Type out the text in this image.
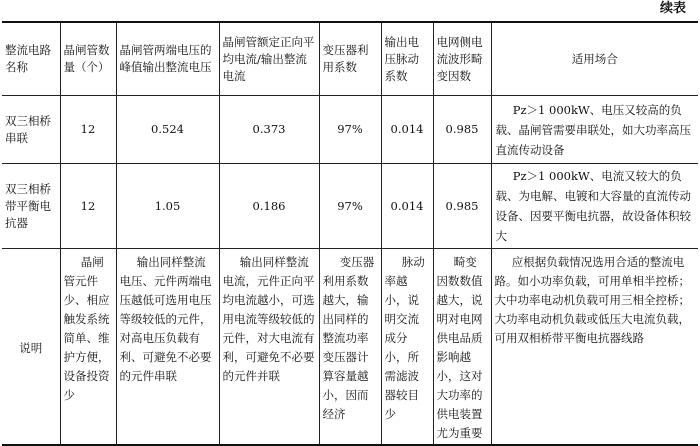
续表
整流电路名称	晶闸管数量（个）	晶闸管两端电压的峰值输出整流电压	晶闸管额定正向平均电流/输出整流电流	变压器利用系数	输出电压脉动系数	电网侧电流波形畸变因数	适用场合
双三相桥串联	12	0.524	0.373	97%	0.014	0.985	Pz＞1 000kW、电压又较高的负载、晶闸管需要串联处，如大功率高压直流传动设备
双三相桥带平衡电抗器	12	1.05	0.186	97%	0.014	0.985	Pz＞1 000kW、电流又较大的负载、为电解、电镀和大容量的直流传动设备、因要平衡电抗器，故设备体积较大
说明	晶闸管元件少、相应触发系统简单、维护方便，设备投资少	输出同样整流电压、元件两端电压越低可选用电压等级较低的元件，对高电压负载有利、可避免不必要的元件串联	输出同样整流电流，元件正向平均电流越小，可选用电流等级较低的元件，对大电流有利，可避免不必要的元件并联	变压器利用系数越大，输出同样的整流功率变压器计算容量越小，因而经济	脉动率越小，说明交流成分小，所需滤波器较目少	畸变因数数值越大，说明对电网供电品质影响越小，这对大功率的供电装置尤为重要	应根据负载情况选用合适的整流电路。如小功率负载，可用单相半控桥；大中功率电动机负载可用三相全控桥；大功率电动机负载或低压大电流负载，可用双相桥带平衡电抗器线路
